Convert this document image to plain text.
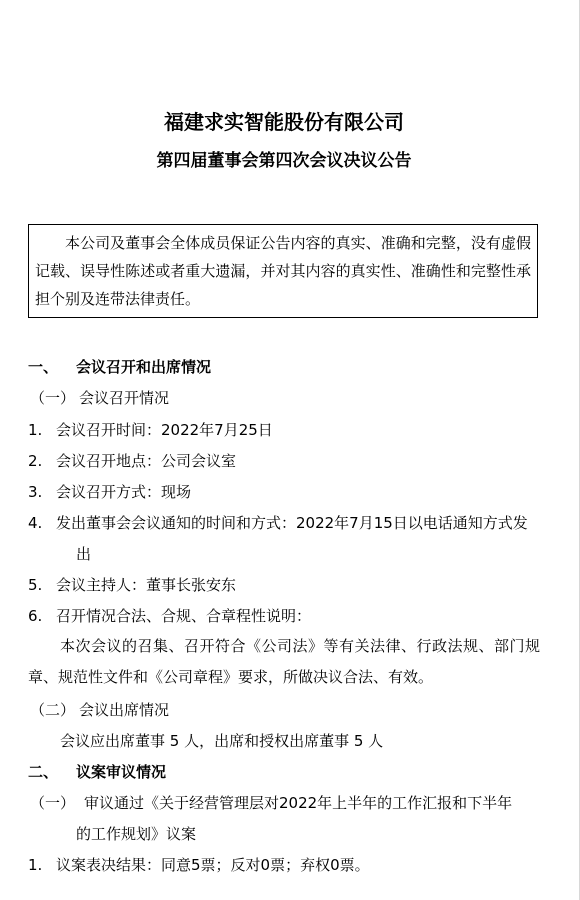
福建求实智能股份有限公司
第四届董事会第四次会议决议公告
本公司及董事会全体成员保证公告内容的真实、准确和完整，没有虚假记载、误导性陈述或者重大遗漏，并对其内容的真实性、准确性和完整性承担个别及连带法律责任。
一、 会议召开和出席情况
（一） 会议召开情况
1. 会议召开时间：2022年7月25日
2. 会议召开地点：公司会议室
3. 会议召开方式：现场
4. 发出董事会会议通知的时间和方式：2022年7月15日以电话通知方式发
出
5. 会议主持人：董事长张安东
6. 召开情况合法、合规、合章程性说明：
本次会议的召集、召开符合《公司法》等有关法律、行政法规、部门规章、规范性文件和《公司章程》要求，所做决议合法、有效。
（二） 会议出席情况
会议应出席董事 5 人，出席和授权出席董事 5 人
二、 议案审议情况
（一） 审议通过《关于经营管理层对2022年上半年的工作汇报和下半年
的工作规划》议案
1. 议案表决结果：同意5票；反对0票；弃权0票。
